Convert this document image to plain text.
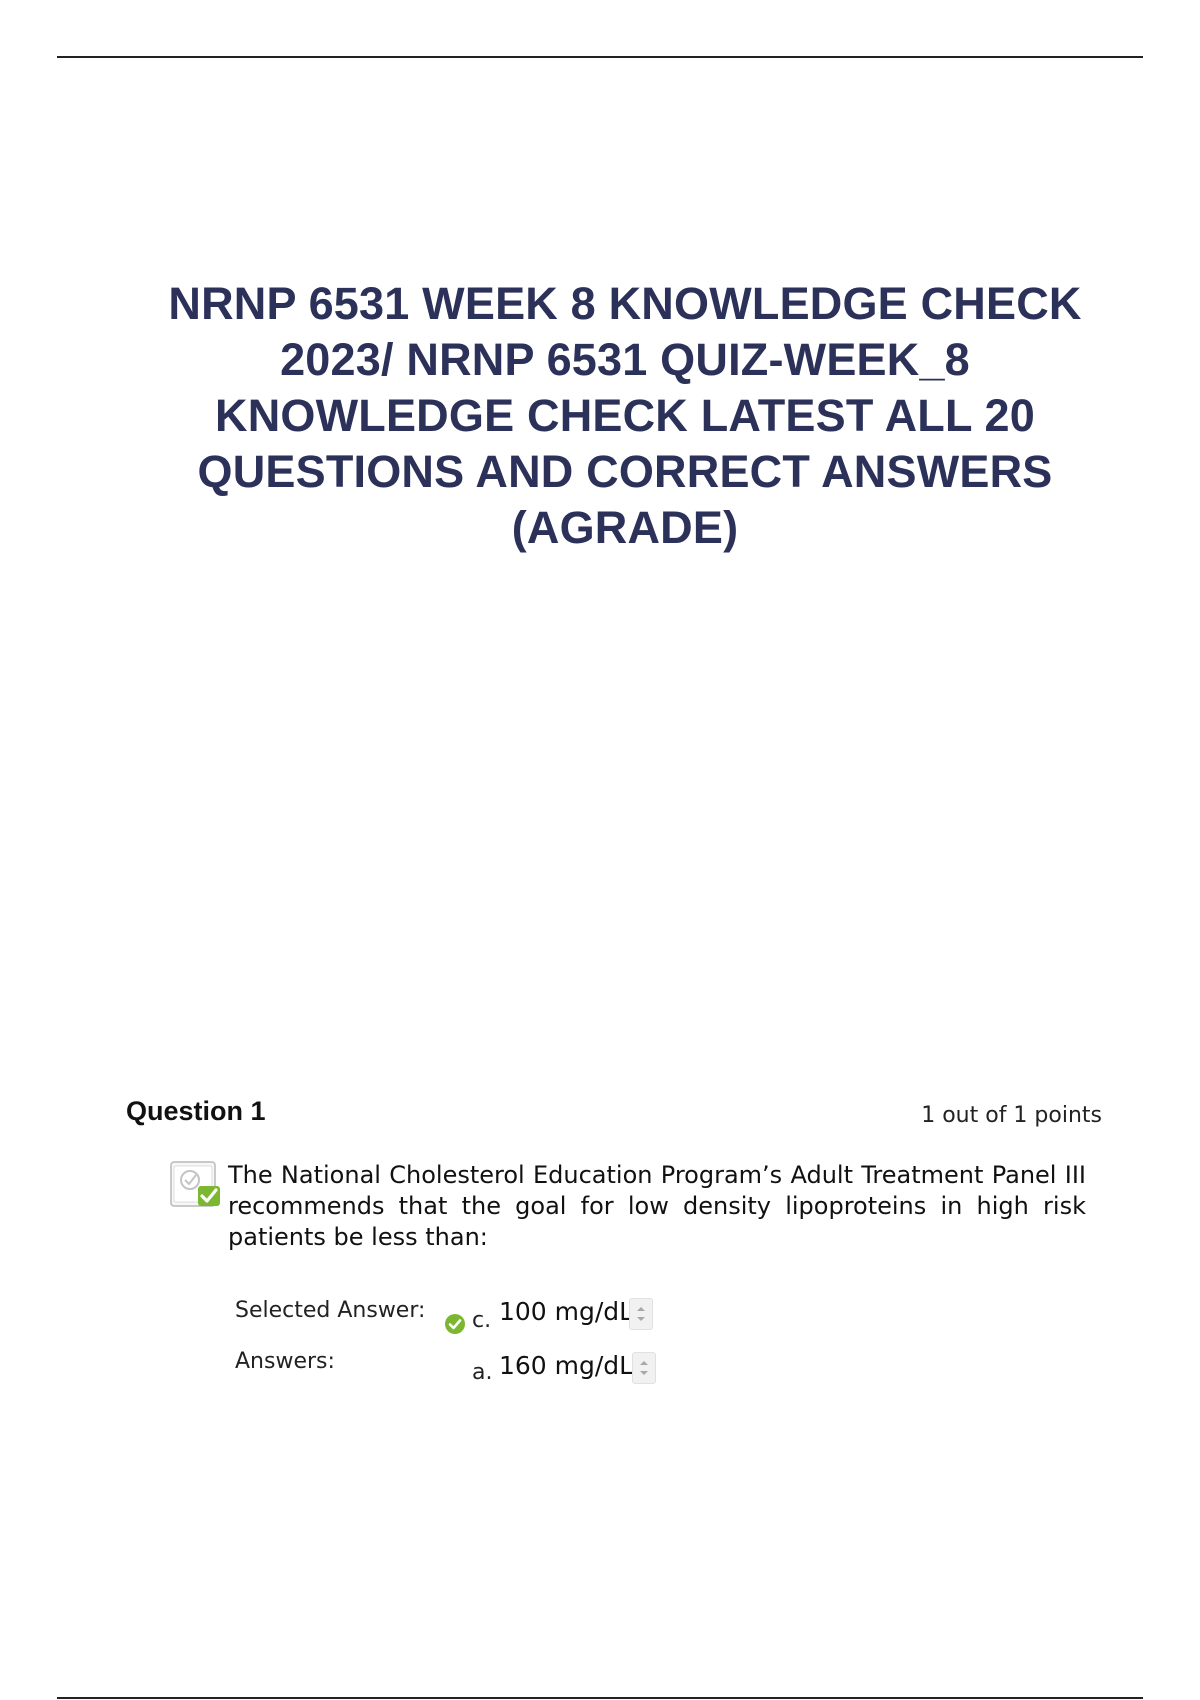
NRNP 6531 WEEK 8 KNOWLEDGE CHECK
2023/ NRNP 6531 QUIZ-WEEK_8
KNOWLEDGE CHECK LATEST ALL 20
QUESTIONS AND CORRECT ANSWERS
(AGRADE)
Question 1	1 out of 1 points

The National Cholesterol Education Program’s Adult Treatment Panel III recommends that the goal for low density lipoproteins in high risk patients be less than:

Selected Answer: c. 100 mg/dL
Answers:	a. 160 mg/dL
